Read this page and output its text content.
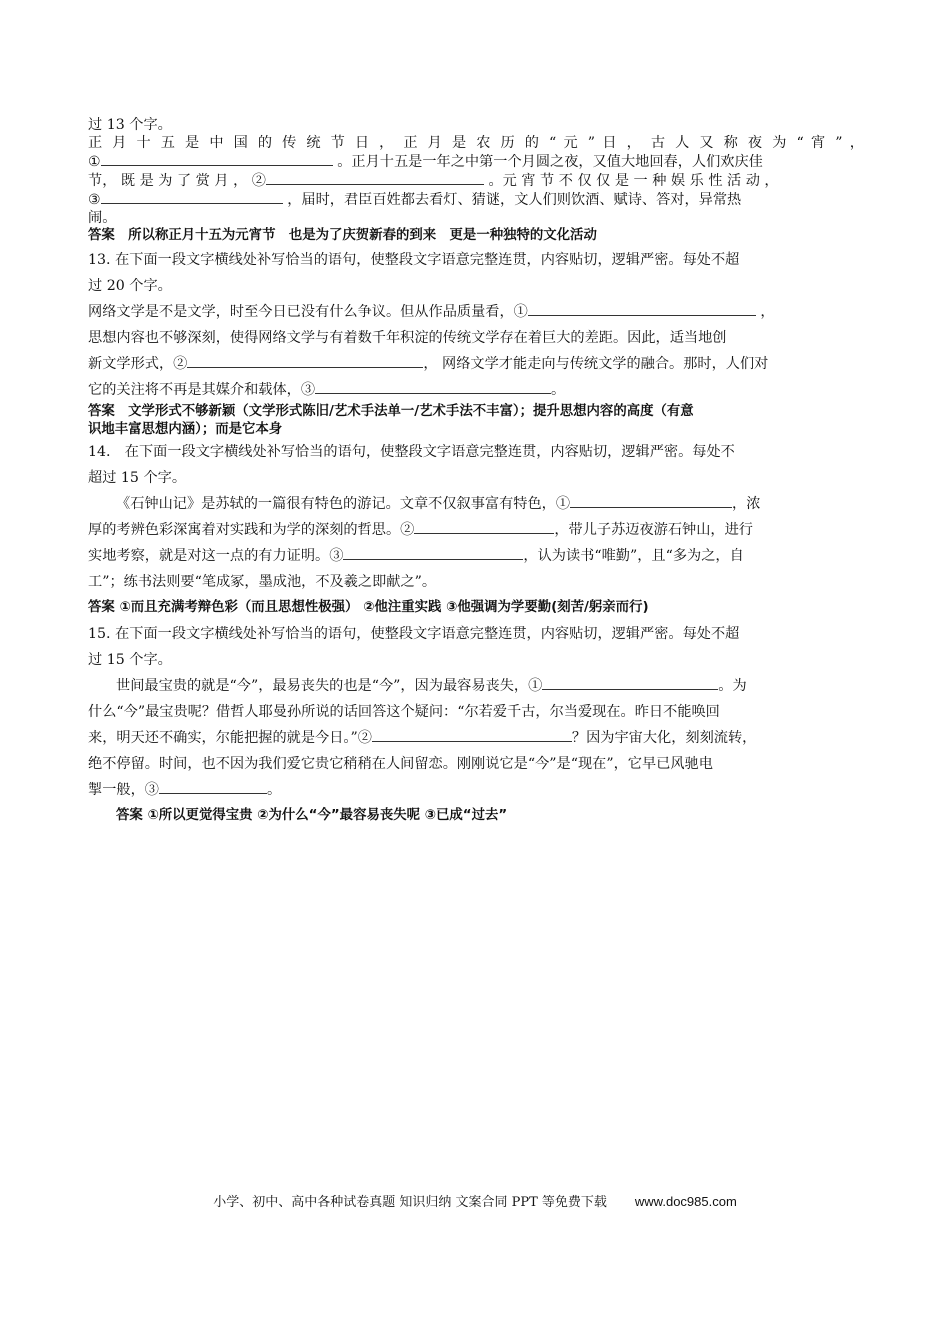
过 13 个字。

正 月 十 五 是 中 国 的 传 统 节 日 ， 正 月 是 农 历 的 “ 元 ” 日 ， 古 人 又 称 夜 为 “ 宵 ” ，

①	。正月十五是一年之中第一个月圆之夜，又值大地回春，人们欢庆佳

节， 既 是 为 了 赏 月 ， ②	。元 宵 节 不 仅 仅 是 一 种 娱 乐 性 活 动 ，

③	，届时，君臣百姓都去看灯、猜谜，文人们则饮酒、赋诗、答对，异常热

闹。

答案　所以称正月十五为元宵节　也是为了庆贺新春的到来　更是一种独特的文化活动

13. 在下面一段文字横线处补写恰当的语句，使整段文字语意完整连贯，内容贴切，逻辑严密。每处不超

过 20 个字。

网络文学是不是文学，时至今日已没有什么争议。但从作品质量看，①	，

思想内容也不够深刻，使得网络文学与有着数千年积淀的传统文学存在着巨大的差距。因此，适当地创

新文学形式，②	， 网络文学才能走向与传统文学的融合。那时，人们对

它的关注将不再是其媒介和载体，③	。

答案　文学形式不够新颖（文学形式陈旧/艺术手法单一/艺术手法不丰富）；提升思想内容的高度（有意

识地丰富思想内涵）；而是它本身

14.　在下面一段文字横线处补写恰当的语句，使整段文字语意完整连贯，内容贴切，逻辑严密。每处不

超过 15 个字。

《石钟山记》是苏轼的一篇很有特色的游记。文章不仅叙事富有特色，①	，浓

厚的考辨色彩深寓着对实践和为学的深刻的哲思。②	，带儿子苏迈夜游石钟山，进行

实地考察，就是对这一点的有力证明。③	，认为读书“唯勤”，且“多为之，自

工”；练书法则要“笔成冢，墨成池，不及羲之即献之”。

答案 ①而且充满考辩色彩（而且思想性极强） ②他注重实践 ③他强调为学要勤(刻苦/躬亲而行)

15. 在下面一段文字横线处补写恰当的语句，使整段文字语意完整连贯，内容贴切，逻辑严密。每处不超

过 15 个字。

世间最宝贵的就是“今”，最易丧失的也是“今”，因为最容易丧失，①	。为

什么“今”最宝贵呢？借哲人耶曼孙所说的话回答这个疑问：“尔若爱千古，尔当爱现在。昨日不能唤回

来，明天还不确实，尔能把握的就是今日。”②	？因为宇宙大化，刻刻流转，

绝不停留。时间，也不因为我们爱它贵它稍稍在人间留恋。刚刚说它是“今”是“现在”，它早已风驰电

掣一般，③	。

答案 ①所以更觉得宝贵 ②为什么“今”最容易丧失呢 ③已成“过去”

小学、初中、高中各种试卷真题 知识归纳 文案合同 PPT 等免费下载 www.doc985.com
